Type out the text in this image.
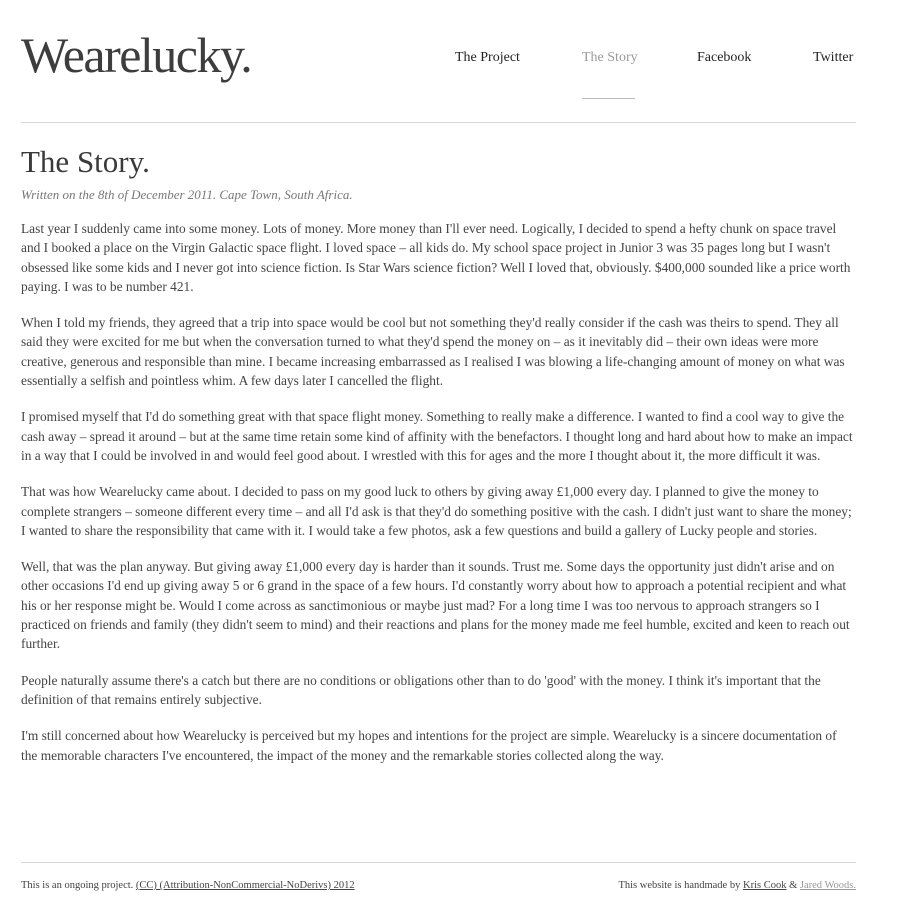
Wearelucky.	The Project	The Story	Facebook	Twitter
The Story.
Written on the 8th of December 2011. Cape Town, South Africa.

Last year I suddenly came into some money. Lots of money. More money than I'll ever need. Logically, I decided to spend a hefty chunk on space travel and I booked a place on the Virgin Galactic space flight. I loved space – all kids do. My school space project in Junior 3 was 35 pages long but I wasn't obsessed like some kids and I never got into science fiction. Is Star Wars science fiction? Well I loved that, obviously. $400,000 sounded like a price worth paying. I was to be number 421.

When I told my friends, they agreed that a trip into space would be cool but not something they'd really consider if the cash was theirs to spend. They all said they were excited for me but when the conversation turned to what they'd spend the money on – as it inevitably did – their own ideas were more creative, generous and responsible than mine. I became increasing embarrassed as I realised I was blowing a life-changing amount of money on what was essentially a selfish and pointless whim. A few days later I cancelled the flight.

I promised myself that I'd do something great with that space flight money. Something to really make a difference. I wanted to find a cool way to give the cash away – spread it around – but at the same time retain some kind of affinity with the benefactors. I thought long and hard about how to make an impact in a way that I could be involved in and would feel good about. I wrestled with this for ages and the more I thought about it, the more difficult it was.

That was how Wearelucky came about. I decided to pass on my good luck to others by giving away £1,000 every day. I planned to give the money to complete strangers – someone different every time – and all I'd ask is that they'd do something positive with the cash. I didn't just want to share the money; I wanted to share the responsibility that came with it. I would take a few photos, ask a few questions and build a gallery of Lucky people and stories.

Well, that was the plan anyway. But giving away £1,000 every day is harder than it sounds. Trust me. Some days the opportunity just didn't arise and on other occasions I'd end up giving away 5 or 6 grand in the space of a few hours. I'd constantly worry about how to approach a potential recipient and what his or her response might be. Would I come across as sanctimonious or maybe just mad? For a long time I was too nervous to approach strangers so I practiced on friends and family (they didn't seem to mind) and their reactions and plans for the money made me feel humble, excited and keen to reach out further.

People naturally assume there's a catch but there are no conditions or obligations other than to do 'good' with the money. I think it's important that the definition of that remains entirely subjective.

I'm still concerned about how Wearelucky is perceived but my hopes and intentions for the project are simple. Wearelucky is a sincere documentation of the memorable characters I've encountered, the impact of the money and the remarkable stories collected along the way.

This is an ongoing project. (CC) (Attribution-NonCommercial-NoDerivs) 2012	This website is handmade by Kris Cook & Jared Woods.
